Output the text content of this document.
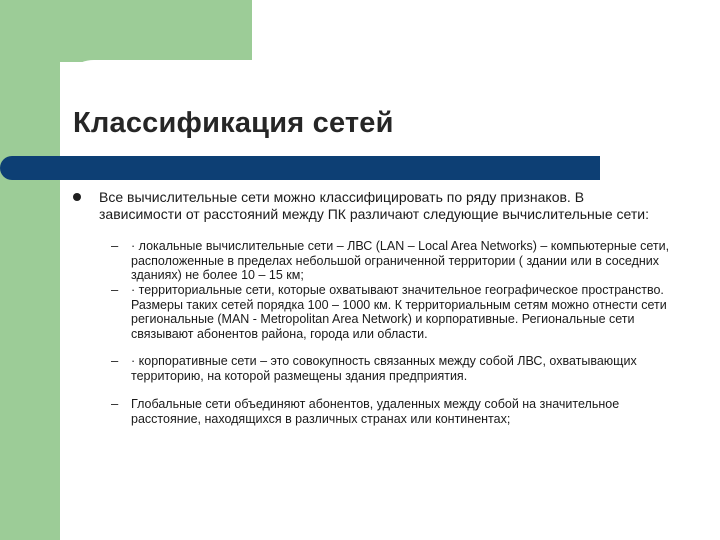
Классификация сетей
Все вычислительные сети можно классифицировать по ряду признаков. В зависимости от расстояний между ПК различают следующие вычислительные сети:
– · локальные вычислительные сети – ЛВС (LAN – Local Area Networks) – компьютерные сети, расположенные в пределах небольшой ограниченной территории ( здании или в соседних зданиях) не более 10 – 15 км;
– · территориальные сети, которые охватывают значительное географическое пространство. Размеры таких сетей порядка 100 – 1000 км. К территориальным сетям можно отнести сети региональные (MAN - Metropolitan Area Network) и корпоративные. Региональные сети связывают абонентов района, города или области.
– · корпоративные сети – это совокупность связанных между собой ЛВС, охватывающих территорию, на которой размещены здания предприятия.
– Глобальные сети объединяют абонентов, удаленных между собой на значительное расстояние, находящихся в различных странах или континентах;
